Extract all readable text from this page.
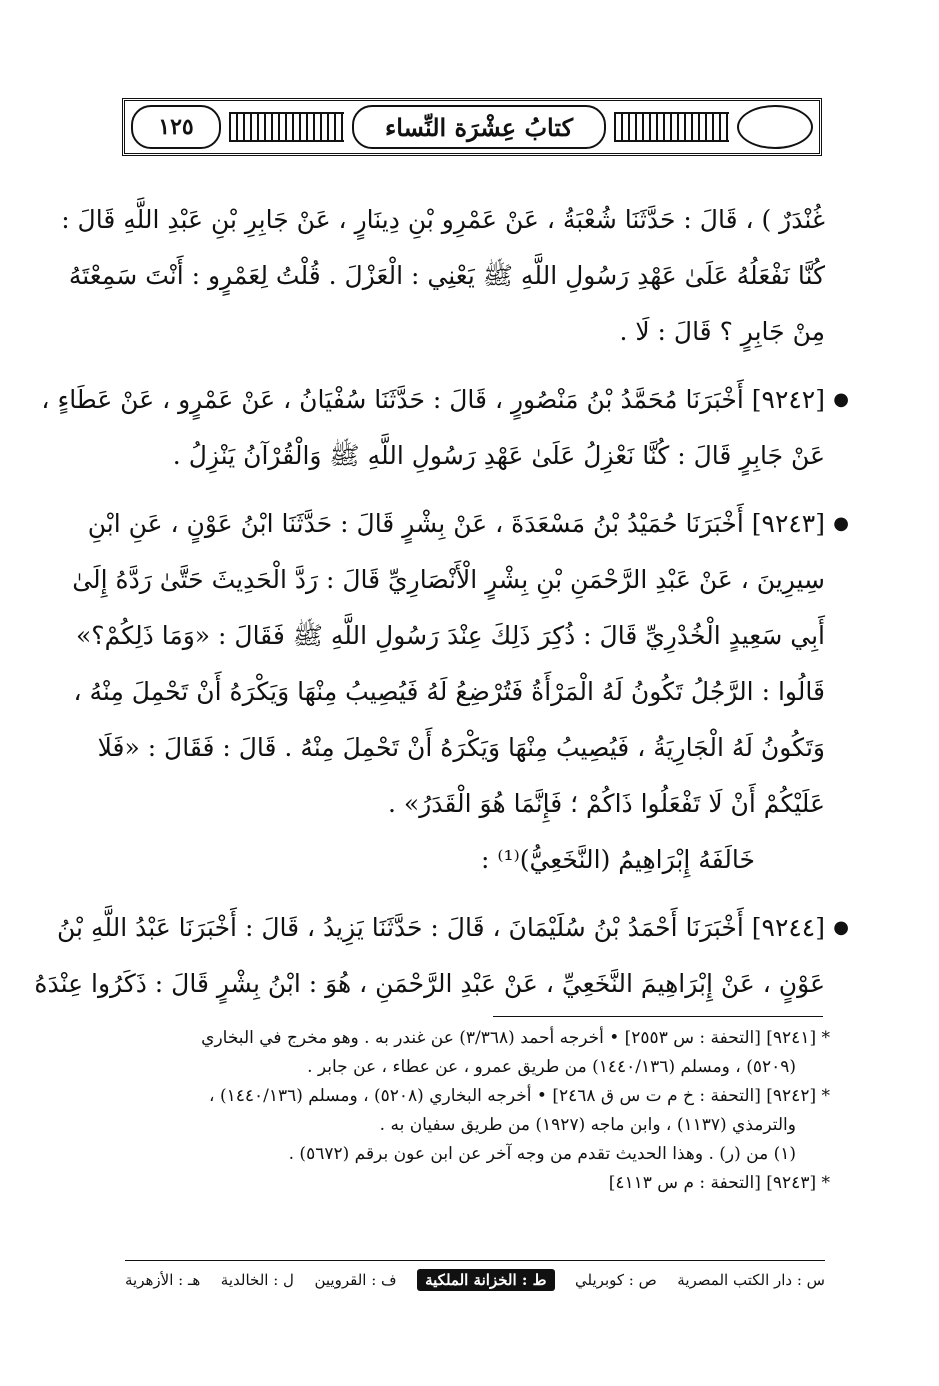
١٢٥	كتابُ عِشْرَة النِّساء
غُنْدَرٌ ) ، قَالَ : حَدَّثَنَا شُعْبَةُ ، عَنْ عَمْرِو بْنِ دِينَارٍ ، عَنْ جَابِرِ بْنِ عَبْدِ اللَّهِ قَالَ :
كُنَّا نَفْعَلُهُ عَلَىٰ عَهْدِ رَسُولِ اللَّهِ ﷺ يَعْنِي : الْعَزْلَ . قُلْتُ لِعَمْرٍو : أَنْتَ سَمِعْتَهُ
مِنْ جَابِرٍ ؟ قَالَ : لَا .
●
[٩٢٤٢] أَخْبَرَنَا مُحَمَّدُ بْنُ مَنْصُورٍ ، قَالَ : حَدَّثَنَا سُفْيَانُ ، عَنْ عَمْرٍو ، عَنْ عَطَاءٍ ،
عَنْ جَابِرٍ قَالَ : كُنَّا نَعْزِلُ عَلَىٰ عَهْدِ رَسُولِ اللَّهِ ﷺ وَالْقُرْآنُ يَنْزِلُ .
●
[٩٢٤٣] أَخْبَرَنَا حُمَيْدُ بْنُ مَسْعَدَةَ ، عَنْ بِشْرٍ قَالَ : حَدَّثَنَا ابْنُ عَوْنٍ ، عَنِ ابْنِ
سِيرِينَ ، عَنْ عَبْدِ الرَّحْمَنِ بْنِ بِشْرٍ الْأَنْصَارِيِّ قَالَ : رَدَّ الْحَدِيثَ حَتَّىٰ رَدَّهُ إِلَىٰ
أَبِي سَعِيدٍ الْخُدْرِيِّ قَالَ : ذُكِرَ ذَلِكَ عِنْدَ رَسُولِ اللَّهِ ﷺ فَقَالَ : «وَمَا ذَلِكُمْ؟»
قَالُوا : الرَّجُلُ تَكُونُ لَهُ الْمَرْأَةُ فَتُرْضِعُ لَهُ فَيُصِيبُ مِنْهَا وَيَكْرَهُ أَنْ تَحْمِلَ مِنْهُ ،
وَتَكُونُ لَهُ الْجَارِيَةُ ، فَيُصِيبُ مِنْهَا وَيَكْرَهُ أَنْ تَحْمِلَ مِنْهُ . قَالَ : فَقَالَ : «فَلَا
عَلَيْكُمْ أَنْ لَا تَفْعَلُوا ذَاكُمْ ؛ فَإِنَّمَا هُوَ الْقَدَرُ» .
خَالَفَهُ إِبْرَاهِيمُ (النَّخَعِيُّ)⁽¹⁾ :
●
[٩٢٤٤] أَخْبَرَنَا أَحْمَدُ بْنُ سُلَيْمَانَ ، قَالَ : حَدَّثَنَا يَزِيدُ ، قَالَ : أَخْبَرَنَا عَبْدُ اللَّهِ بْنُ
عَوْنٍ ، عَنْ إِبْرَاهِيمَ النَّخَعِيِّ ، عَنْ عَبْدِ الرَّحْمَنِ ، هُوَ : ابْنُ بِشْرٍ قَالَ : ذَكَرُوا عِنْدَهُ
* [٩٢٤١] [التحفة : س ٢٥٥٣] • أخرجه أحمد (٣/٣٦٨) عن غندر به . وهو مخرج في البخاري
(٥٢٠٩) ، ومسلم (١٤٤٠/١٣٦) من طريق عمرو ، عن عطاء ، عن جابر .
* [٩٢٤٢] [التحفة : خ م ت س ق ٢٤٦٨] • أخرجه البخاري (٥٢٠٨) ، ومسلم (١٤٤٠/١٣٦) ،
والترمذي (١١٣٧) ، وابن ماجه (١٩٢٧) من طريق سفيان به .
(١) من (ر) . وهذا الحديث تقدم من وجه آخر عن ابن عون برقم (٥٦٧٢) .
* [٩٢٤٣] [التحفة : م س ٤١١٣]
س : دار الكتب المصرية
ص : كوبريلي
ط : الخزانة الملكية
ف : القرويين
ل : الخالدية
هـ : الأزهرية
